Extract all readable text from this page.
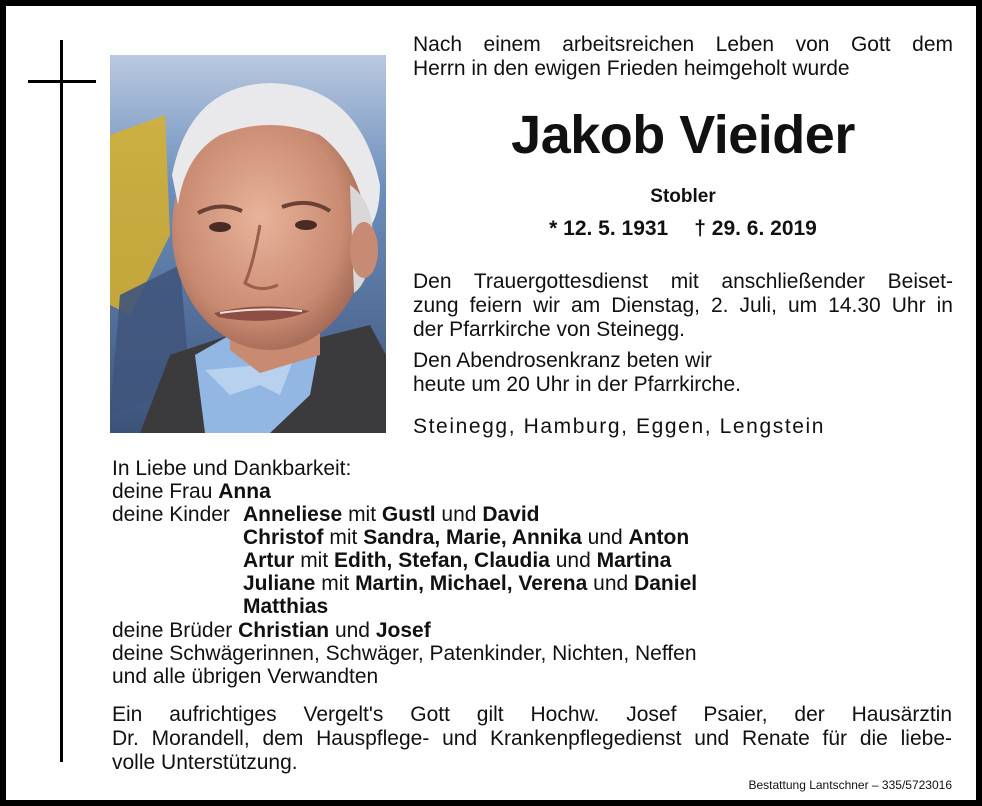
Nach einem arbeitsreichen Leben von Gott dem

Herrn in den ewigen Frieden heimgeholt wurde

Jakob Vieider

Stobler

* 12. 5. 1931 † 29. 6. 2019

Den Trauergottesdienst mit anschließender Beiset-

zung feiern wir am Dienstag, 2. Juli, um 14.30 Uhr in

der Pfarrkirche von Steinegg.

Den Abendrosenkranz beten wir

heute um 20 Uhr in der Pfarrkirche.

Steinegg, Hamburg, Eggen, Lengstein

In Liebe und Dankbarkeit:

deine Frau Anna

deine Kinder Anneliese mit Gustl und David

Christof mit Sandra, Marie, Annika und Anton

Artur mit Edith, Stefan, Claudia und Martina

Juliane mit Martin, Michael, Verena und Daniel

Matthias

deine Brüder Christian und Josef

deine Schwägerinnen, Schwäger, Patenkinder, Nichten, Neffen

und alle übrigen Verwandten

Ein aufrichtiges Vergelt's Gott gilt Hochw. Josef Psaier, der Hausärztin

Dr. Morandell, dem Hauspflege- und Krankenpflegedienst und Renate für die liebe-

volle Unterstützung.

Bestattung Lantschner – 335/5723016
